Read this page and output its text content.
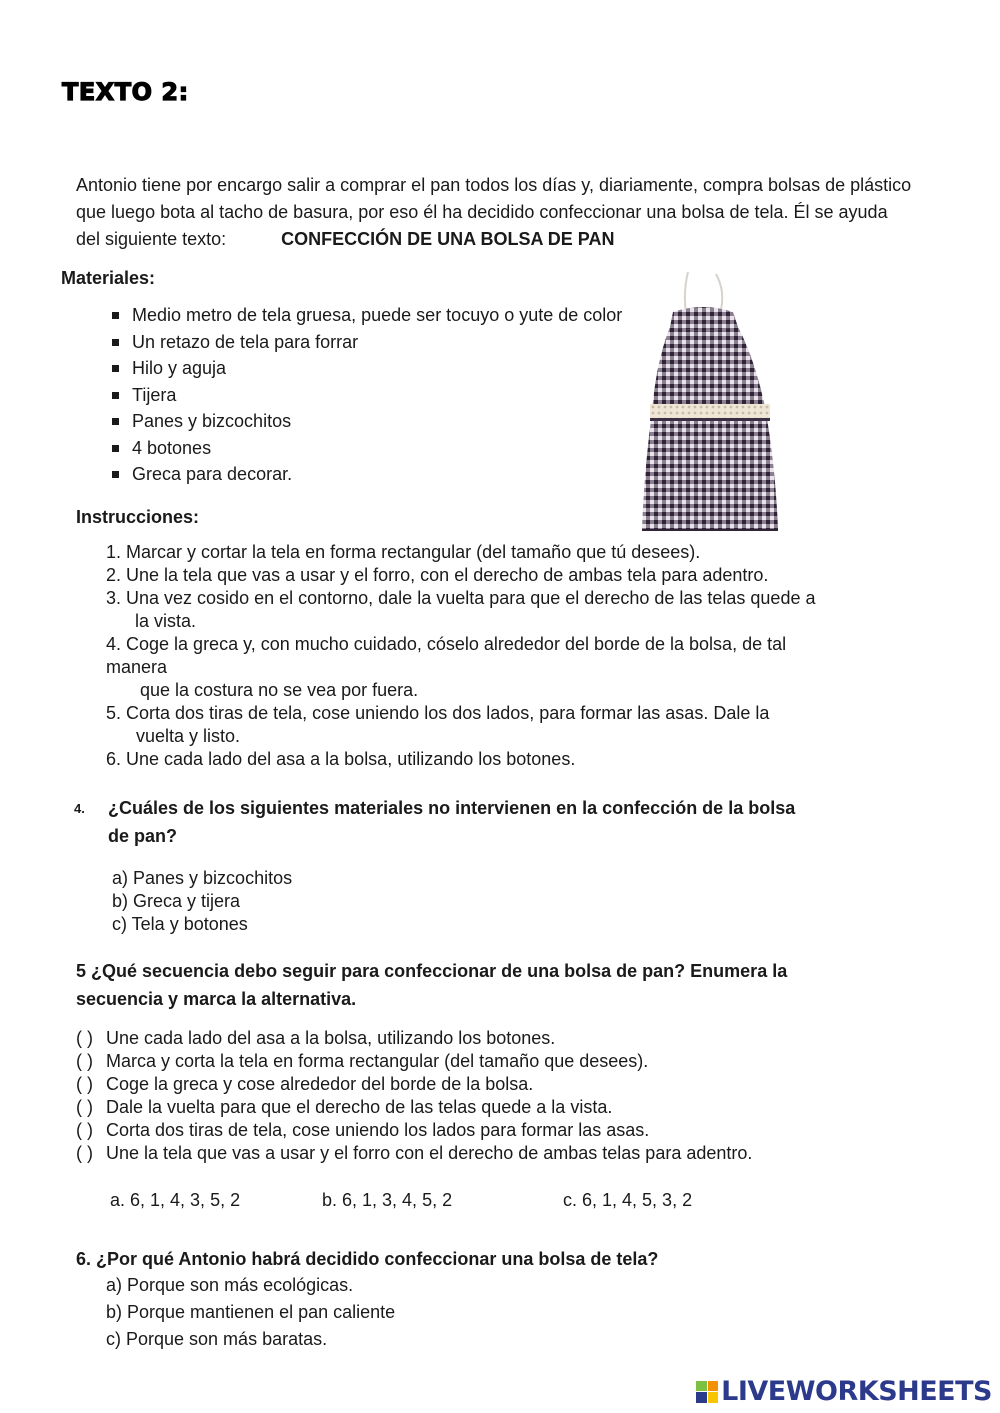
TEXTO 2:
Antonio tiene por encargo salir a comprar el pan todos los días y, diariamente, compra bolsas de plástico que luego bota al tacho de basura, por eso él ha decidido confeccionar una bolsa de tela. Él se ayuda del siguiente texto:	CONFECCIÓN DE UNA BOLSA DE PAN
Materiales:
Medio metro de tela gruesa, puede ser tocuyo o yute de color
Un retazo de tela para forrar
Hilo y aguja
Tijera
Panes y bizcochitos
4 botones
Greca para decorar.
Instrucciones:
1. Marcar y cortar la tela en forma rectangular (del tamaño que tú desees).
2. Une la tela que vas a usar y el forro, con el derecho de ambas tela para adentro.
3. Una vez cosido en el contorno, dale la vuelta para que el derecho de las telas quede a
la vista.
4. Coge la greca y, con mucho cuidado, cóselo alrededor del borde de la bolsa, de tal
manera
que la costura no se vea por fuera.
5. Corta dos tiras de tela, cose uniendo los dos lados, para formar las asas. Dale la
vuelta y listo.
6. Une cada lado del asa a la bolsa, utilizando los botones.
4. ¿Cuáles de los siguientes materiales no intervienen en la confección de la bolsa
de pan?
a) Panes y bizcochitos
b) Greca y tijera
c) Tela y botones
5 ¿Qué secuencia debo seguir para confeccionar de una bolsa de pan? Enumera la
secuencia y marca la alternativa.
( ) Une cada lado del asa a la bolsa, utilizando los botones.
( ) Marca y corta la tela en forma rectangular (del tamaño que desees).
( ) Coge la greca y cose alrededor del borde de la bolsa.
( ) Dale la vuelta para que el derecho de las telas quede a la vista.
( ) Corta dos tiras de tela, cose uniendo los lados para formar las asas.
( ) Une la tela que vas a usar y el forro con el derecho de ambas telas para adentro.
a. 6, 1, 4, 3, 5, 2	b. 6, 1, 3, 4, 5, 2	c. 6, 1, 4, 5, 3, 2
6. ¿Por qué Antonio habrá decidido confeccionar una bolsa de tela?
a) Porque son más ecológicas.
b) Porque mantienen el pan caliente
c) Porque son más baratas.
LIVEWORKSHEETS
